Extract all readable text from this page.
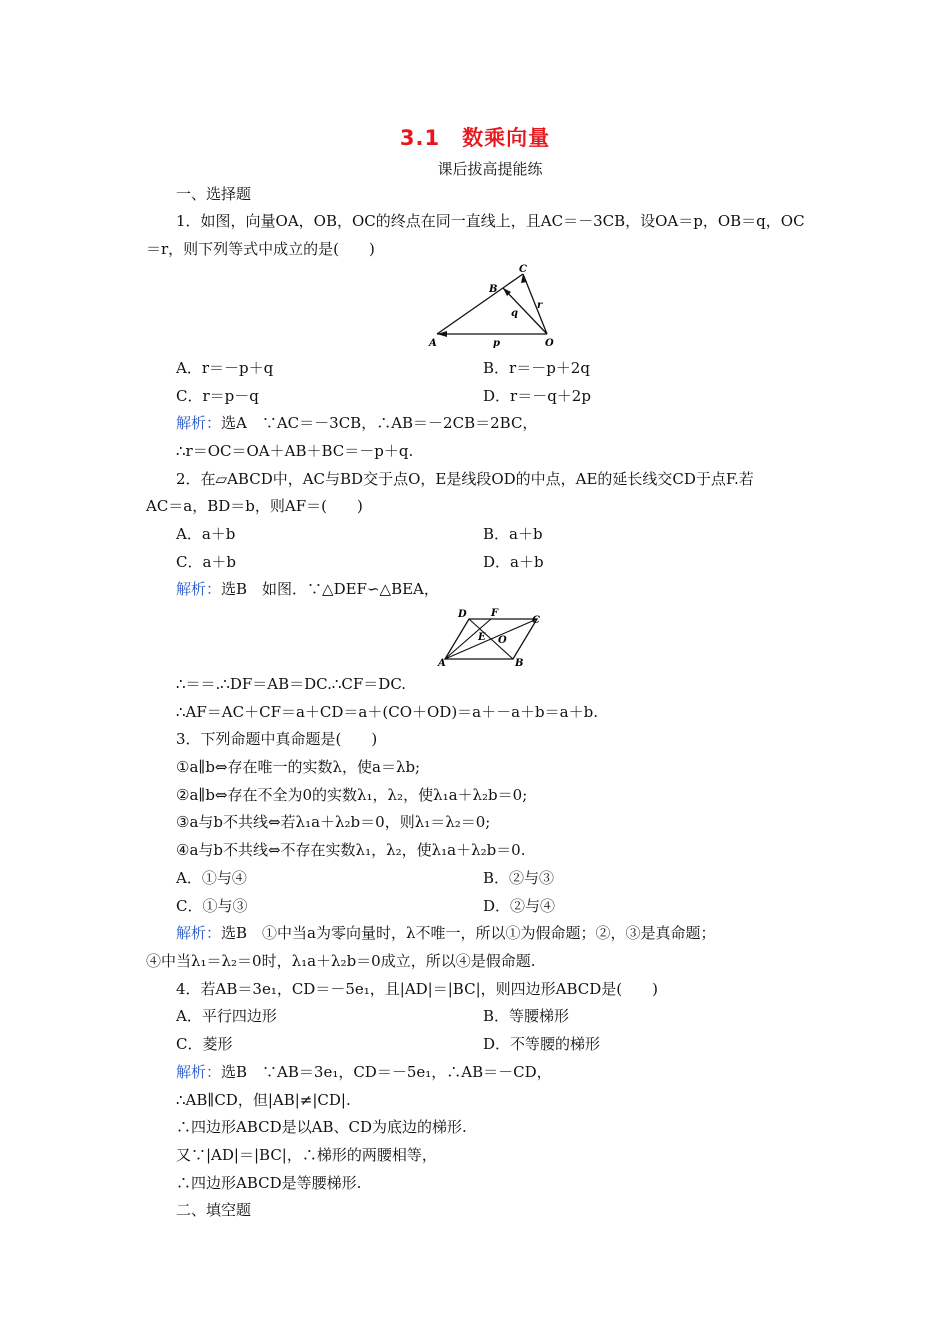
3.1　数乘向量
课后拔高提能练
一、选择题
1．如图，向量OA，OB，OC的终点在同一直线上，且AC＝－3CB，设OA＝p，OB＝q，OC
＝r，则下列等式中成立的是(　　)
A
B
C
O
p
q
r
A．r＝－p＋q	B．r＝－p＋2q
C．r＝p－q	D．r＝－q＋2p
解析：选A　∵AC＝－3CB，∴AB＝－2CB＝2BC，
∴r＝OC＝OA＋AB＋BC＝－p＋q.
2．在▱ABCD中，AC与BD交于点O，E是线段OD的中点，AE的延长线交CD于点F.若
AC＝a，BD＝b，则AF＝(　　)
A．a＋b	B．a＋b
C．a＋b	D．a＋b
解析：选B　如图．∵△DEF∽△BEA，
D F
C
E O
A	B
∴＝＝.∴DF＝AB＝DC.∴CF＝DC.
∴AF＝AC＋CF＝a＋CD＝a＋(CO＋OD)＝a＋－a＋b＝a＋b.
3．下列命题中真命题是(　　)
①a∥b⇔存在唯一的实数λ，使a＝λb;
②a∥b⇔存在不全为0的实数λ₁，λ₂，使λ₁a＋λ₂b＝0;
③a与b不共线⇔若λ₁a＋λ₂b＝0，则λ₁＝λ₂＝0;
④a与b不共线⇔不存在实数λ₁，λ₂，使λ₁a＋λ₂b＝0.
A．①与④	B．②与③
C．①与③	D．②与④
解析：选B　①中当a为零向量时，λ不唯一，所以①为假命题；②，③是真命题；
④中当λ₁＝λ₂＝0时，λ₁a＋λ₂b＝0成立，所以④是假命题.
4．若AB＝3e₁，CD＝－5e₁，且|AD|＝|BC|，则四边形ABCD是(　　)
A．平行四边形	B．等腰梯形
C．菱形	D．不等腰的梯形
解析：选B　∵AB＝3e₁，CD＝－5e₁，∴AB＝－CD，
∴AB∥CD，但|AB|≠|CD|.
∴四边形ABCD是以AB、CD为底边的梯形.
又∵|AD|＝|BC|，∴梯形的两腰相等，
∴四边形ABCD是等腰梯形.
二、填空题
